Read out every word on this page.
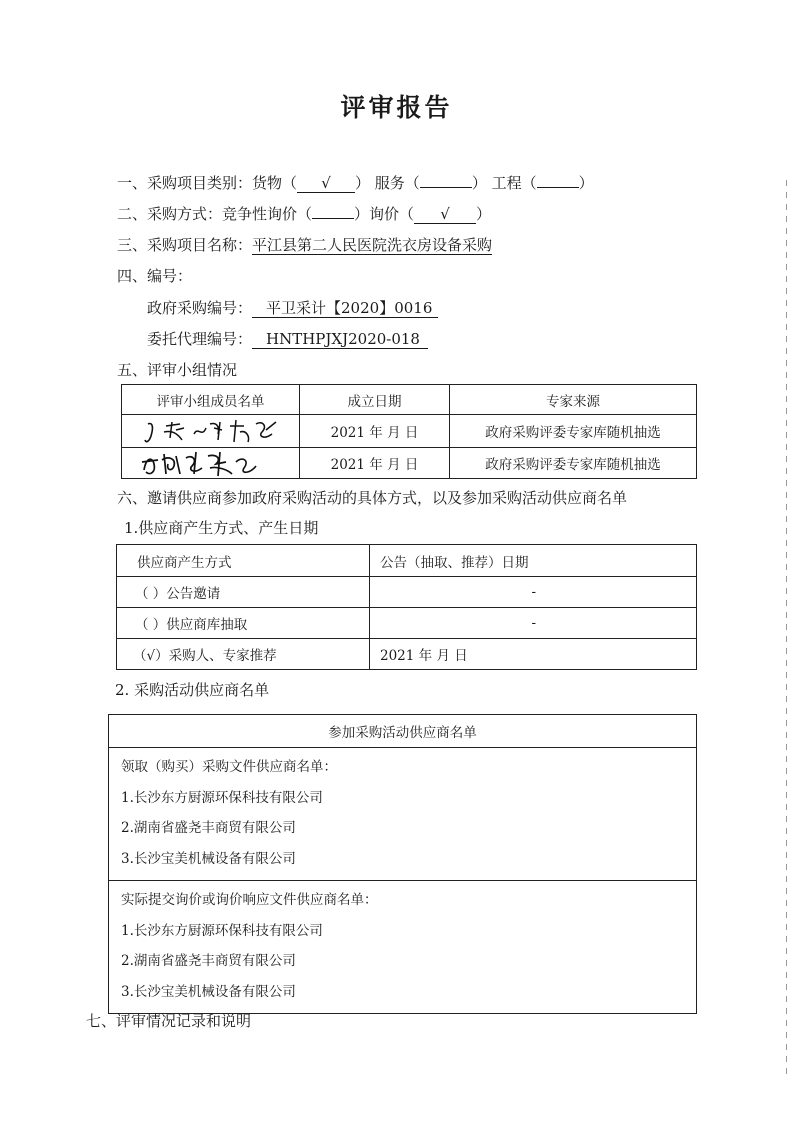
评审报告
一、采购项目类别：货物（ √ ） 服务（	） 工程（	）
二、采购方式：竞争性询价（	）询价（ √ ）
三、采购项目名称：平江县第二人民医院洗衣房设备采购
四、编号：
政府采购编号： 平卫采计【2020】0016
委托代理编号： HNTHPJXJ2020-018
五、评审小组情况
评审小组成员名单	成立日期	专家来源

	2021 年 月 日	政府采购评委专家库随机抽选

	2021 年 月 日	政府采购评委专家库随机抽选
六、邀请供应商参加政府采购活动的具体方式，以及参加采购活动供应商名单
1.供应商产生方式、产生日期
供应商产生方式	公告（抽取、推荐）日期
（ ）公告邀请	-
（ ）供应商库抽取	-
（√）采购人、专家推荐	2021 年 月 日
2. 采购活动供应商名单
参加采购活动供应商名单

领取（购买）采购文件供应商名单：
1.长沙东方厨源环保科技有限公司
2.湖南省盛尧丰商贸有限公司
3.长沙宝美机械设备有限公司

实际提交询价或询价响应文件供应商名单：
1.长沙东方厨源环保科技有限公司
2.湖南省盛尧丰商贸有限公司
3.长沙宝美机械设备有限公司
七、评审情况记录和说明
